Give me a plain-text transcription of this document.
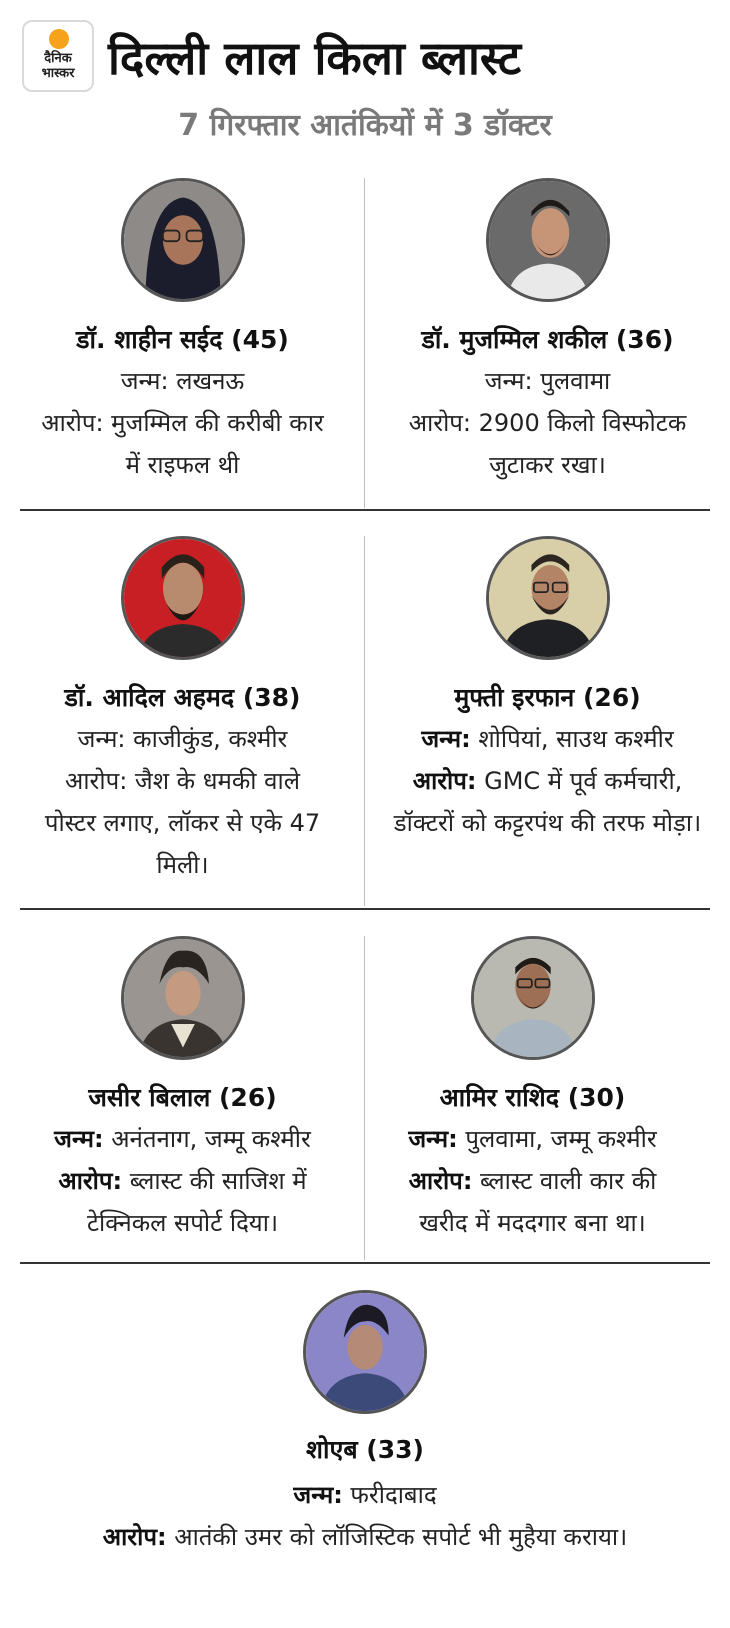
दैनिक
भास्कर दिल्ली लाल किला ब्लास्ट
7 गिरफ्तार आतंकियों में 3 डॉक्टर
डॉ. शाहीन सईद (45)
जन्म: लखनऊ
आरोप: मुजम्मिल की करीबी कार में राइफल थी
डॉ. मुजम्मिल शकील (36)
जन्म: पुलवामा
आरोप: 2900 किलो विस्फोटक जुटाकर रखा।
डॉ. आदिल अहमद (38)
जन्म: काजीकुंड, कश्मीर
आरोप: जैश के धमकी वाले पोस्टर लगाए, लॉकर से एके 47 मिली।
मुफ्ती इरफान (26)
जन्म: शोपियां, साउथ कश्मीर
आरोप: GMC में पूर्व कर्मचारी, डॉक्टरों को कट्टरपंथ की तरफ मोड़ा।
जसीर बिलाल (26)
जन्म: अनंतनाग, जम्मू कश्मीर
आरोप: ब्लास्ट की साजिश में टेक्निकल सपोर्ट दिया।
आमिर राशिद (30)
जन्म: पुलवामा, जम्मू कश्मीर
आरोप: ब्लास्ट वाली कार की खरीद में मददगार बना था।
शोएब (33)
जन्म: फरीदाबाद
आरोप: आतंकी उमर को लॉजिस्टिक सपोर्ट भी मुहैया कराया।
